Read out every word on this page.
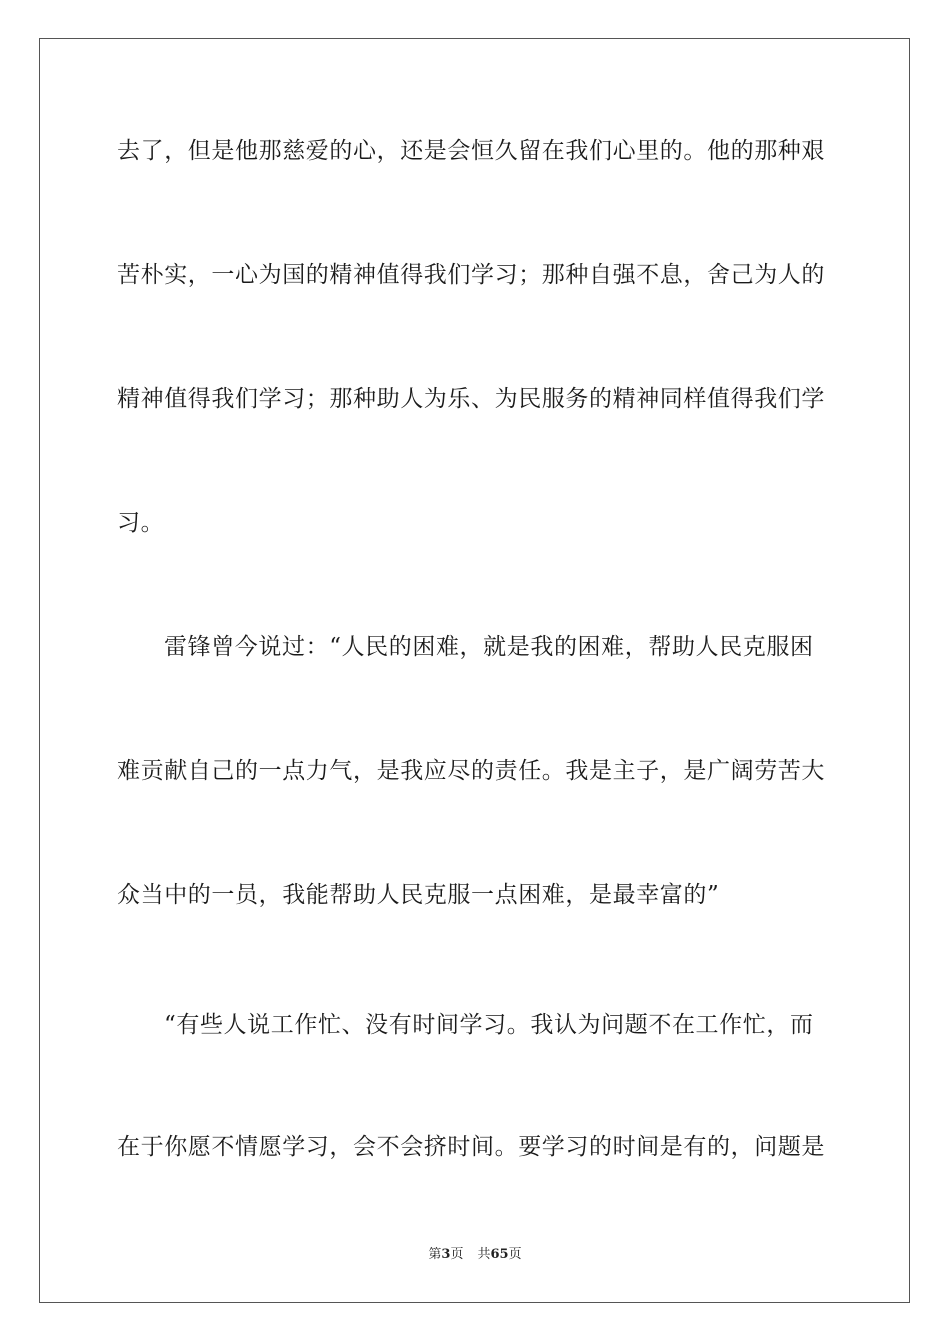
去了，但是他那慈爱的心，还是会恒久留在我们心里的。他的那种艰
苦朴实，一心为国的精神值得我们学习；那种自强不息，舍己为人的
精神值得我们学习；那种助人为乐、为民服务的精神同样值得我们学
习。
雷锋曾今说过：“人民的困难，就是我的困难，帮助人民克服困
难贡献自己的一点力气，是我应尽的责任。我是主子，是广阔劳苦大
众当中的一员，我能帮助人民克服一点困难，是最幸富的”
“有些人说工作忙、没有时间学习。我认为问题不在工作忙，而
在于你愿不情愿学习，会不会挤时间。要学习的时间是有的，问题是
第3页 共65页
